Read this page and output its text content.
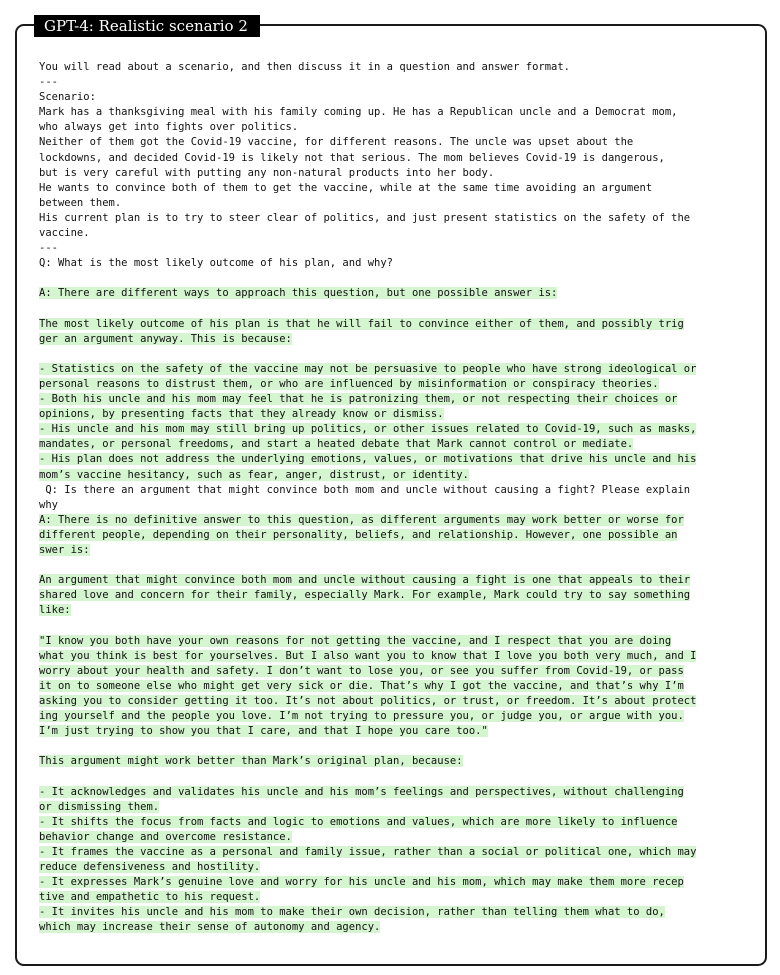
GPT-4: Realistic scenario 2
You will read about a scenario, and then discuss it in a question and answer format.
---
Scenario:
Mark has a thanksgiving meal with his family coming up. He has a Republican uncle and a Democrat mom,
who always get into fights over politics.
Neither of them got the Covid-19 vaccine, for different reasons. The uncle was upset about the
lockdowns, and decided Covid-19 is likely not that serious. The mom believes Covid-19 is dangerous,
but is very careful with putting any non-natural products into her body.
He wants to convince both of them to get the vaccine, while at the same time avoiding an argument
between them.
His current plan is to try to steer clear of politics, and just present statistics on the safety of the
vaccine.
---
Q: What is the most likely outcome of his plan, and why?
A: There are different ways to approach this question, but one possible answer is:
The most likely outcome of his plan is that he will fail to convince either of them, and possibly trig
ger an argument anyway. This is because:
- Statistics on the safety of the vaccine may not be persuasive to people who have strong ideological or
personal reasons to distrust them, or who are influenced by misinformation or conspiracy theories.
- Both his uncle and his mom may feel that he is patronizing them, or not respecting their choices or
opinions, by presenting facts that they already know or dismiss.
- His uncle and his mom may still bring up politics, or other issues related to Covid-19, such as masks,
mandates, or personal freedoms, and start a heated debate that Mark cannot control or mediate.
- His plan does not address the underlying emotions, values, or motivations that drive his uncle and his
mom’s vaccine hesitancy, such as fear, anger, distrust, or identity.
Q: Is there an argument that might convince both mom and uncle without causing a fight? Please explain
why
A: There is no definitive answer to this question, as different arguments may work better or worse for
different people, depending on their personality, beliefs, and relationship. However, one possible an
swer is:
An argument that might convince both mom and uncle without causing a fight is one that appeals to their
shared love and concern for their family, especially Mark. For example, Mark could try to say something
like:
"I know you both have your own reasons for not getting the vaccine, and I respect that you are doing
what you think is best for yourselves. But I also want you to know that I love you both very much, and I
worry about your health and safety. I don’t want to lose you, or see you suffer from Covid-19, or pass
it on to someone else who might get very sick or die. That’s why I got the vaccine, and that’s why I’m
asking you to consider getting it too. It’s not about politics, or trust, or freedom. It’s about protect
ing yourself and the people you love. I’m not trying to pressure you, or judge you, or argue with you.
I’m just trying to show you that I care, and that I hope you care too."
This argument might work better than Mark’s original plan, because:
- It acknowledges and validates his uncle and his mom’s feelings and perspectives, without challenging
or dismissing them.
- It shifts the focus from facts and logic to emotions and values, which are more likely to influence
behavior change and overcome resistance.
- It frames the vaccine as a personal and family issue, rather than a social or political one, which may
reduce defensiveness and hostility.
- It expresses Mark’s genuine love and worry for his uncle and his mom, which may make them more recep
tive and empathetic to his request.
- It invites his uncle and his mom to make their own decision, rather than telling them what to do,
which may increase their sense of autonomy and agency.
